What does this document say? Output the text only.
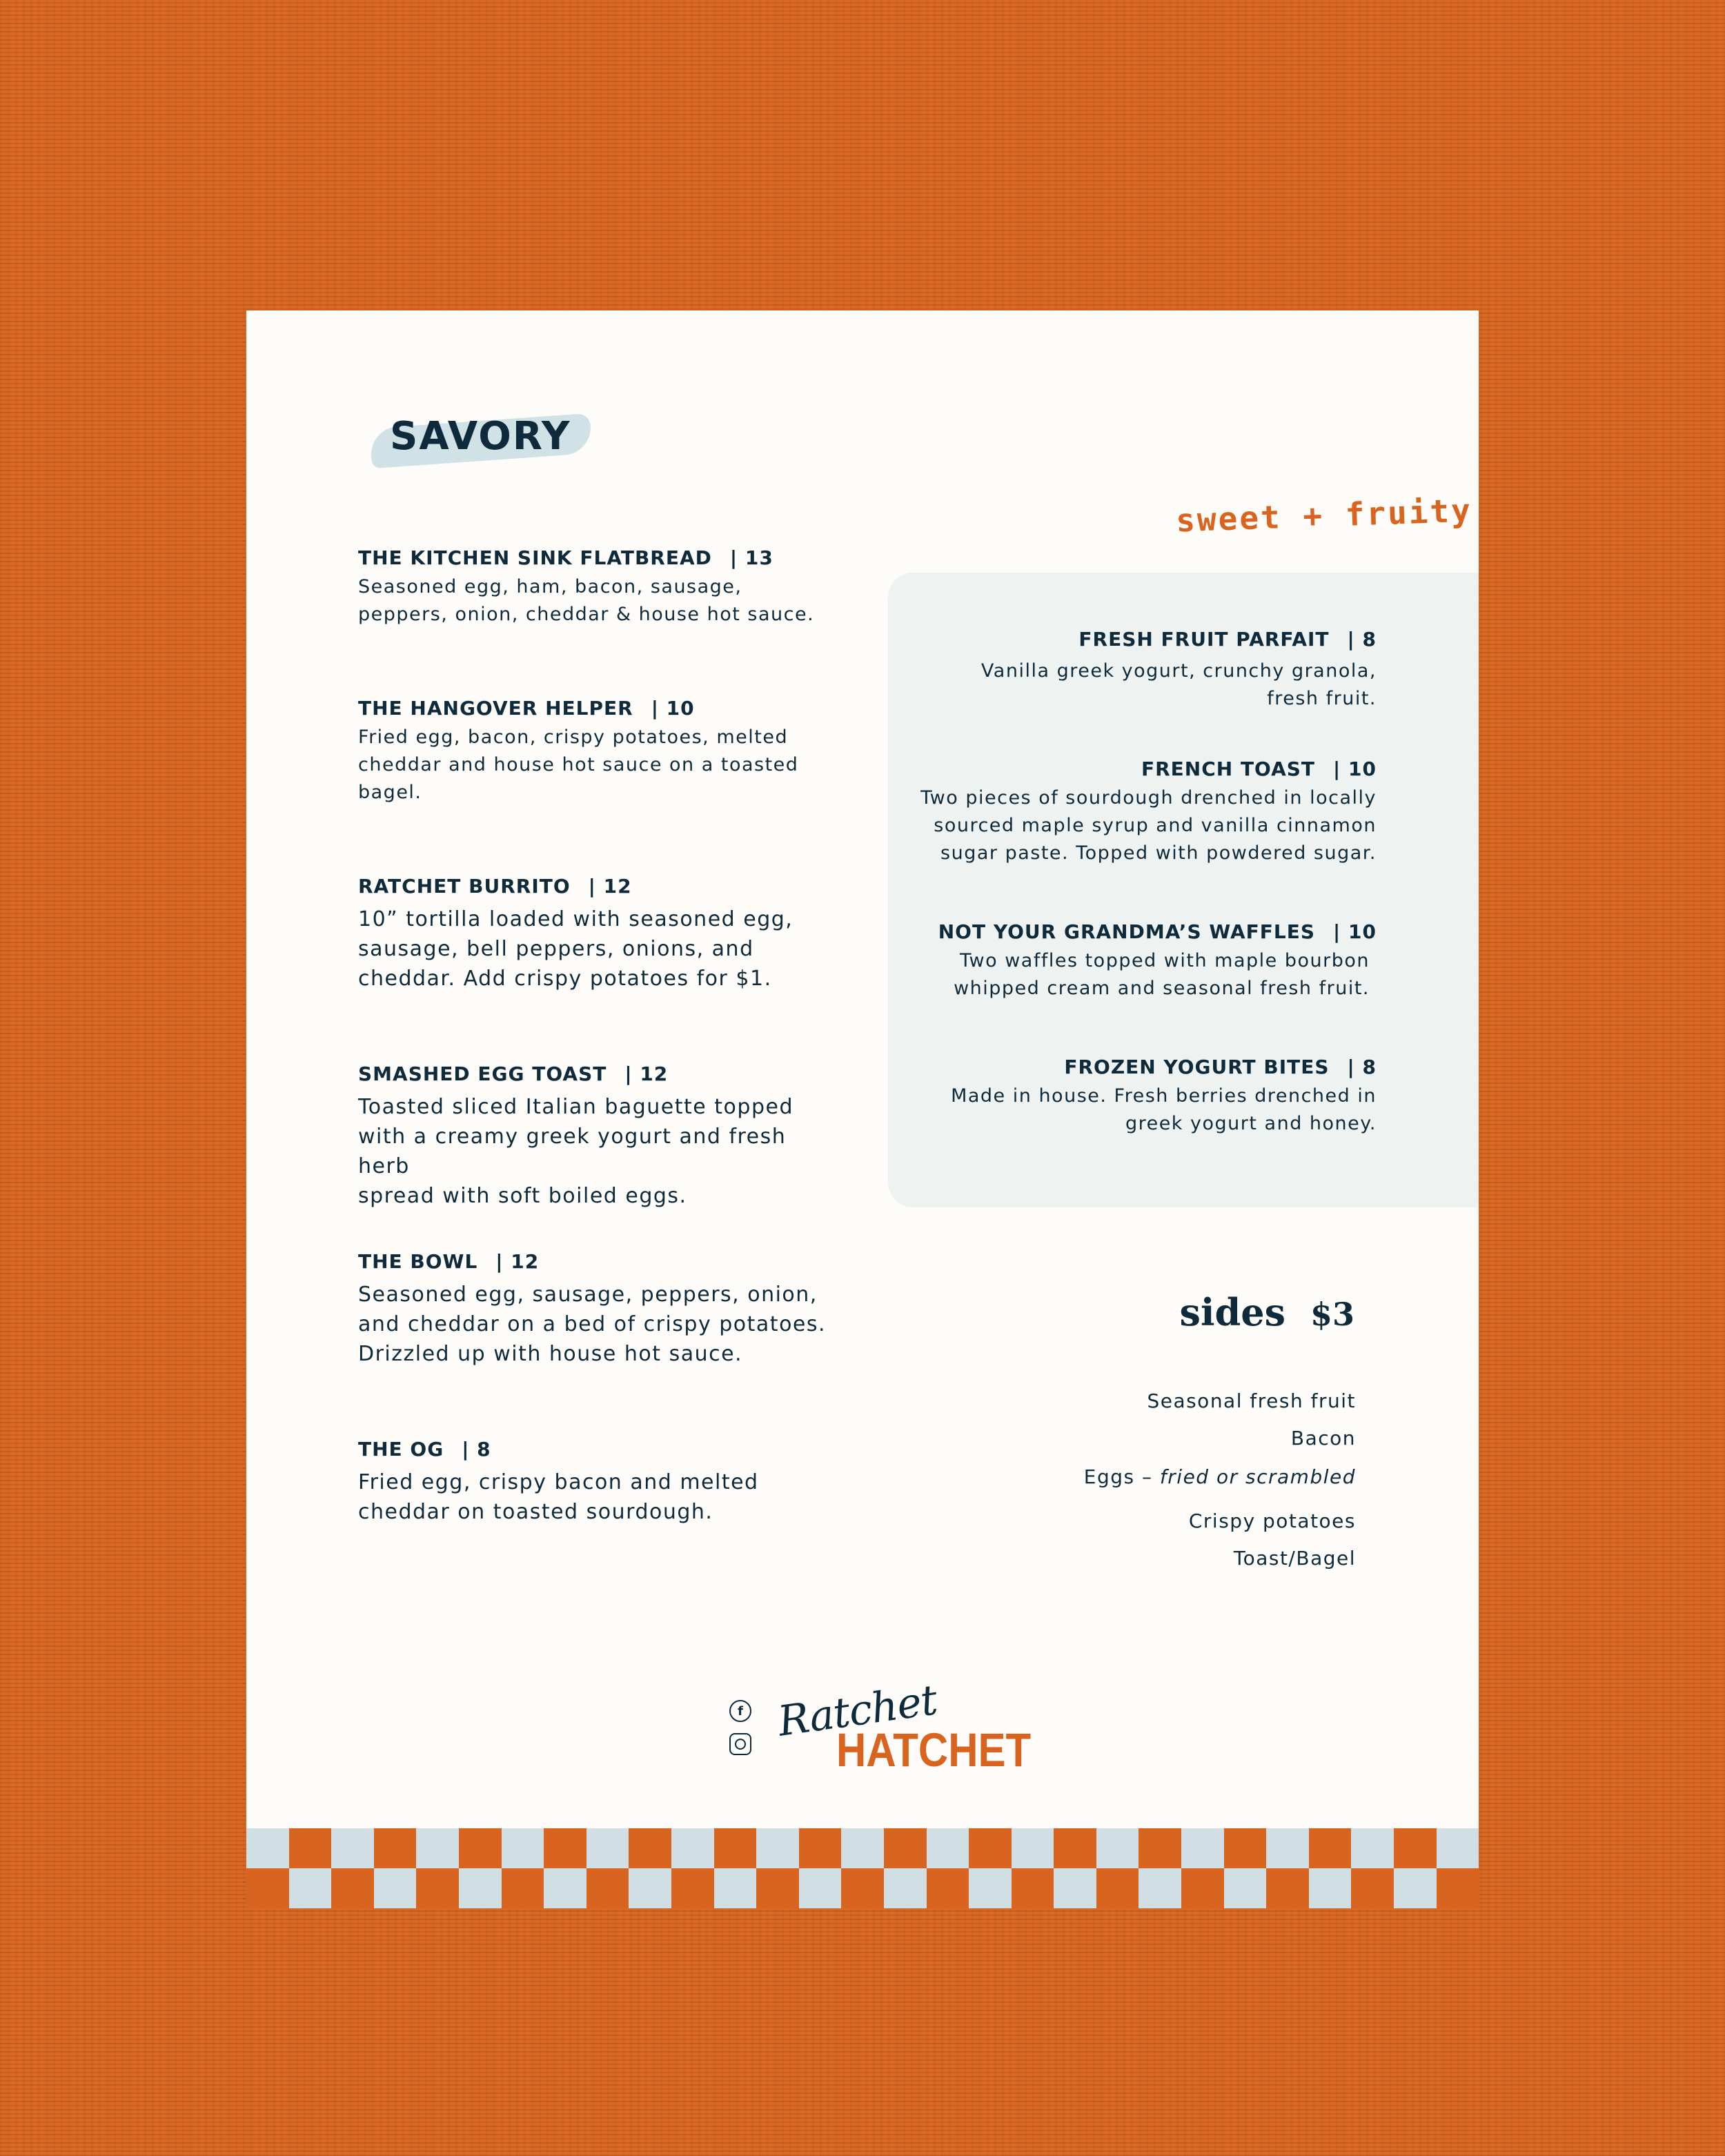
SAVORY
THE KITCHEN SINK FLATBREAD | 13
Seasoned egg, ham, bacon, sausage,
peppers, onion, cheddar & house hot sauce.
THE HANGOVER HELPER | 10
Fried egg, bacon, crispy potatoes, melted
cheddar and house hot sauce on a toasted
bagel.
RATCHET BURRITO | 12
10” tortilla loaded with seasoned egg,
sausage, bell peppers, onions, and
cheddar. Add crispy potatoes for $1.
SMASHED EGG TOAST | 12
Toasted sliced Italian baguette topped
with a creamy greek yogurt and fresh herb
spread with soft boiled eggs.
THE BOWL | 12
Seasoned egg, sausage, peppers, onion,
and cheddar on a bed of crispy potatoes.
Drizzled up with house hot sauce.
THE OG | 8
Fried egg, crispy bacon and melted
cheddar on toasted sourdough.
sweet + fruity
FRESH FRUIT PARFAIT | 8
Vanilla greek yogurt, crunchy granola,
fresh fruit.
FRENCH TOAST | 10
Two pieces of sourdough drenched in locally
sourced maple syrup and vanilla cinnamon
sugar paste. Topped with powdered sugar.
NOT YOUR GRANDMA’S WAFFLES | 10
Two waffles topped with maple bourbon
whipped cream and seasonal fresh fruit.
FROZEN YOGURT BITES | 8
Made in house. Fresh berries drenched in
greek yogurt and honey.
sides $3
Seasonal fresh fruit
Bacon
Eggs – fried or scrambled
Crispy potatoes
Toast/Bagel
f Ratchet
HATCHET
